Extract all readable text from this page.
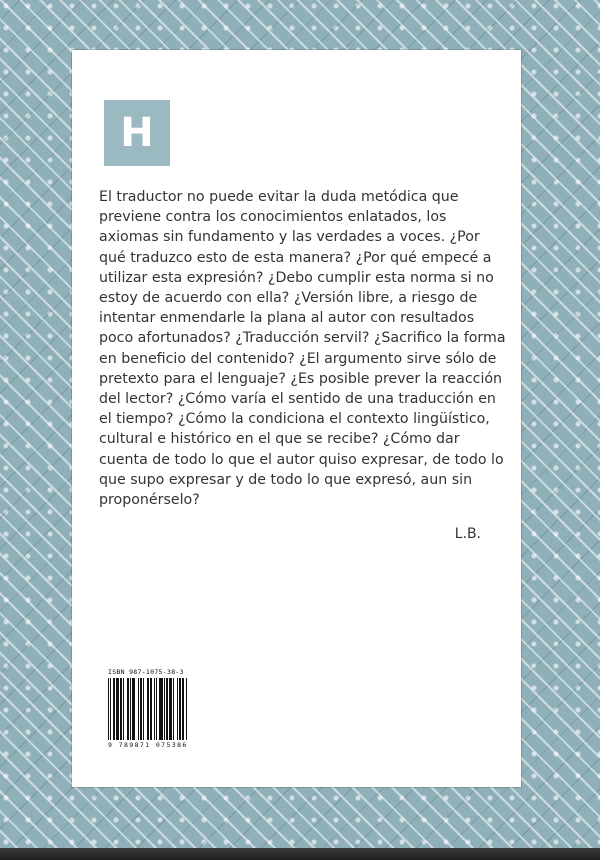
H

El traductor no puede evitar la duda metódica que previene contra los conocimientos enlatados, los axiomas sin fundamento y las verdades a voces. ¿Por qué traduzco esto de esta manera? ¿Por qué empecé a utilizar esta expresión? ¿Debo cumplir esta norma si no estoy de acuerdo con ella? ¿Versión libre, a riesgo de intentar enmendarle la plana al autor con resultados poco afortunados? ¿Traducción servil? ¿Sacrifico la forma en beneficio del contenido? ¿El argumento sirve sólo de pretexto para el lenguaje? ¿Es posible prever la reacción del lector? ¿Cómo varía el sentido de una traducción en el tiempo? ¿Cómo la condiciona el contexto lingüístico, cultural e histórico en el que se recibe? ¿Cómo dar cuenta de todo lo que el autor quiso expresar, de todo lo que supo expresar y de todo lo que expresó, aun sin proponérselo?

L.B.
ISBN 987-1075-38-3
9 789871 075386
